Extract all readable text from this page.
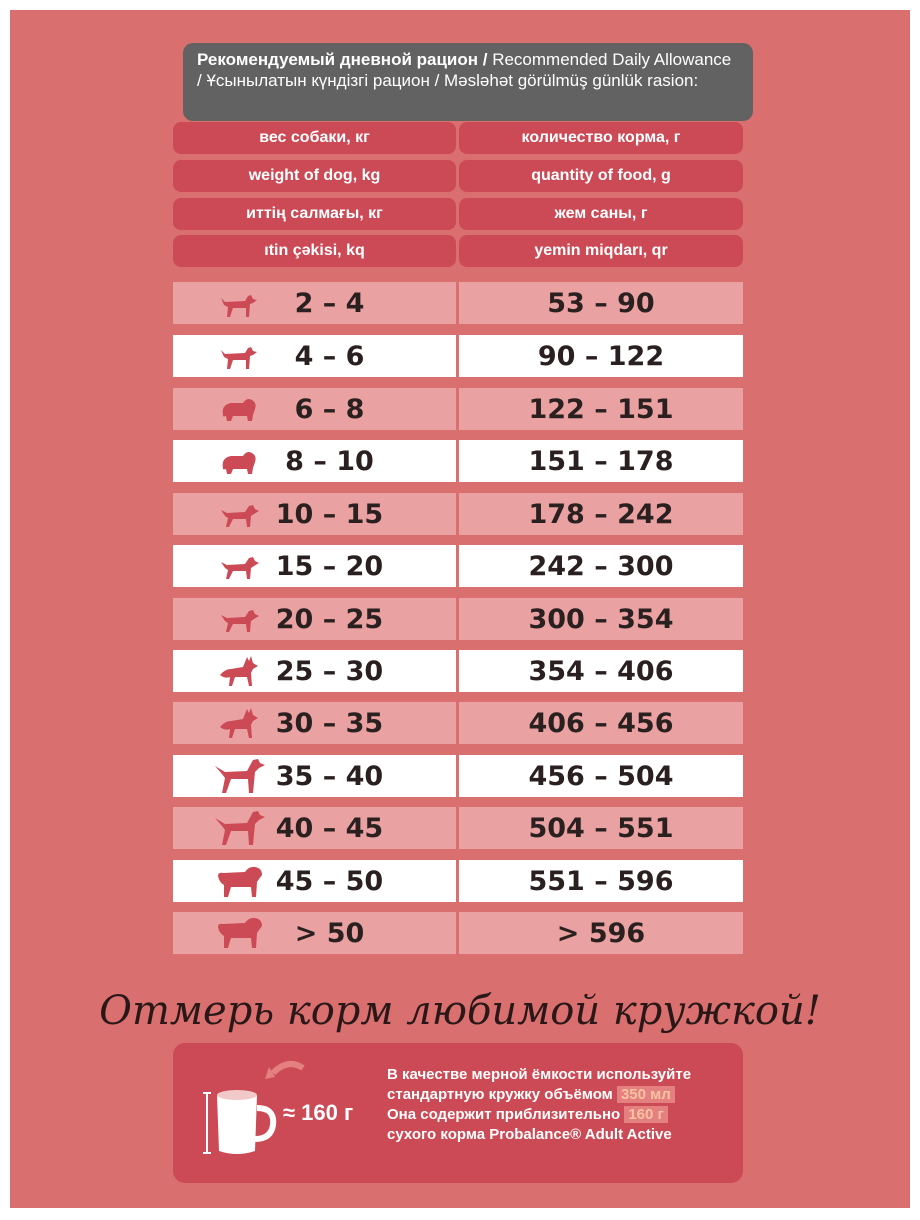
Рекомендуемый дневной рацион / Recommended Daily Allowance / Ұсынылатын күндізгі рацион / Məsləhət görülmüş günlük rasion:
вес собаки, кг	количество корма, г
weight of dog, kg	quantity of food, g
иттің салмағы, кг	жем саны, г
ıtin çəkisi, kq	yemin miqdarı, qr
2 – 4	53 – 90
4 – 6	90 – 122
6 – 8	122 – 151
8 – 10	151 – 178
10 – 15	178 – 242
15 – 20	242 – 300
20 – 25	300 – 354
25 – 30	354 – 406
30 – 35	406 – 456
35 – 40	456 – 504
40 – 45	504 – 551
45 – 50	551 – 596
> 50	> 596
Отмерь корм любимой кружкой!
≈ 160 г
В качестве мерной ёмкости используйте
стандартную кружку объёмом 350 мл
Она содержит приблизительно 160 г
сухого корма Probalance® Adult Active
